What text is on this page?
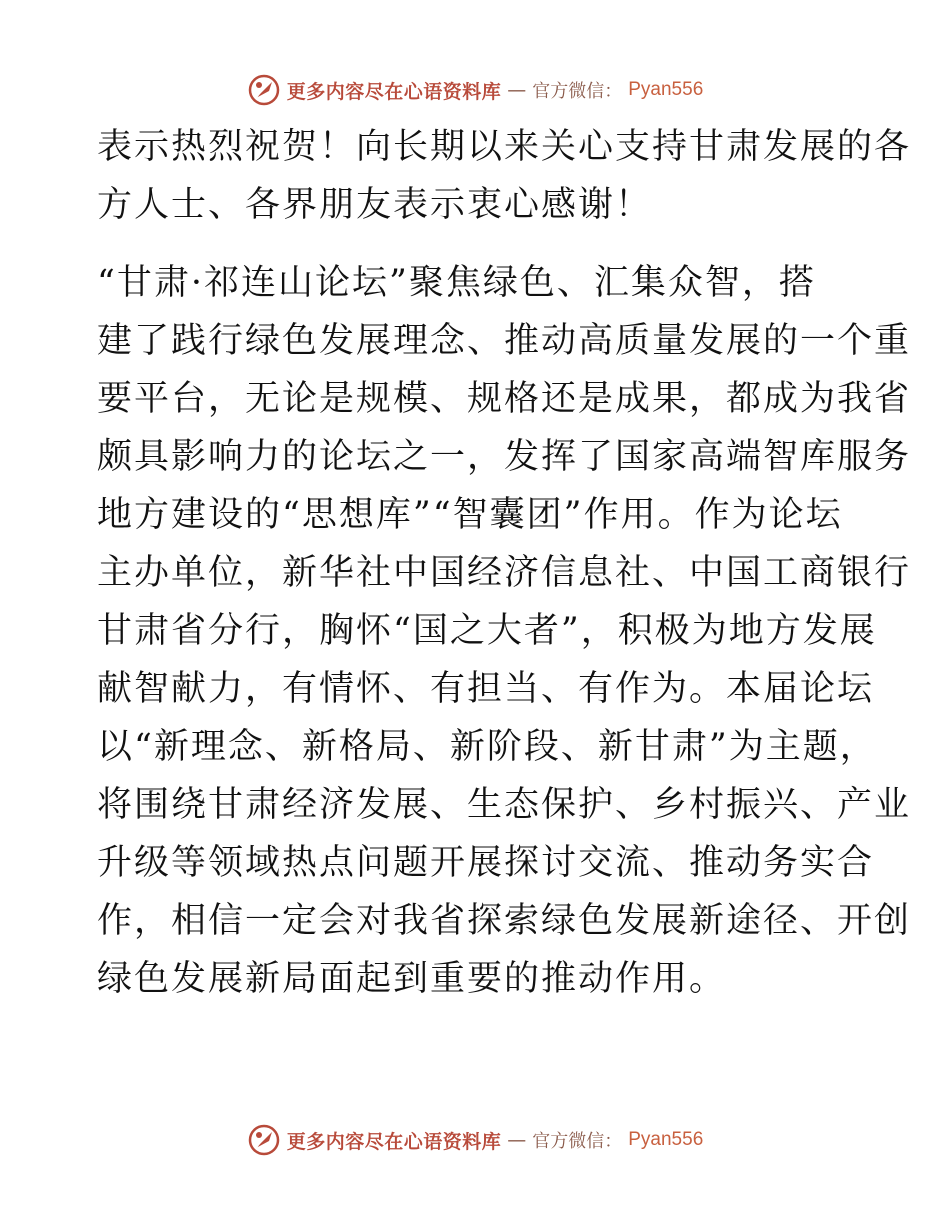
更多内容尽在心语资料库 — 官方微信： Pyan556
表示热烈祝贺！向长期以来关心支持甘肃发展的各
方人士、各界朋友表示衷心感谢！
“甘肃·祁连山论坛”聚焦绿色、汇集众智，搭
建了践行绿色发展理念、推动高质量发展的一个重
要平台，无论是规模、规格还是成果，都成为我省
颇具影响力的论坛之一，发挥了国家高端智库服务
地方建设的“思想库”“智囊团”作用。作为论坛
主办单位，新华社中国经济信息社、中国工商银行
甘肃省分行，胸怀“国之大者”，积极为地方发展
献智献力，有情怀、有担当、有作为。本届论坛
以“新理念、新格局、新阶段、新甘肃”为主题，
将围绕甘肃经济发展、生态保护、乡村振兴、产业
升级等领域热点问题开展探讨交流、推动务实合
作，相信一定会对我省探索绿色发展新途径、开创
绿色发展新局面起到重要的推动作用。
更多内容尽在心语资料库 — 官方微信： Pyan556
